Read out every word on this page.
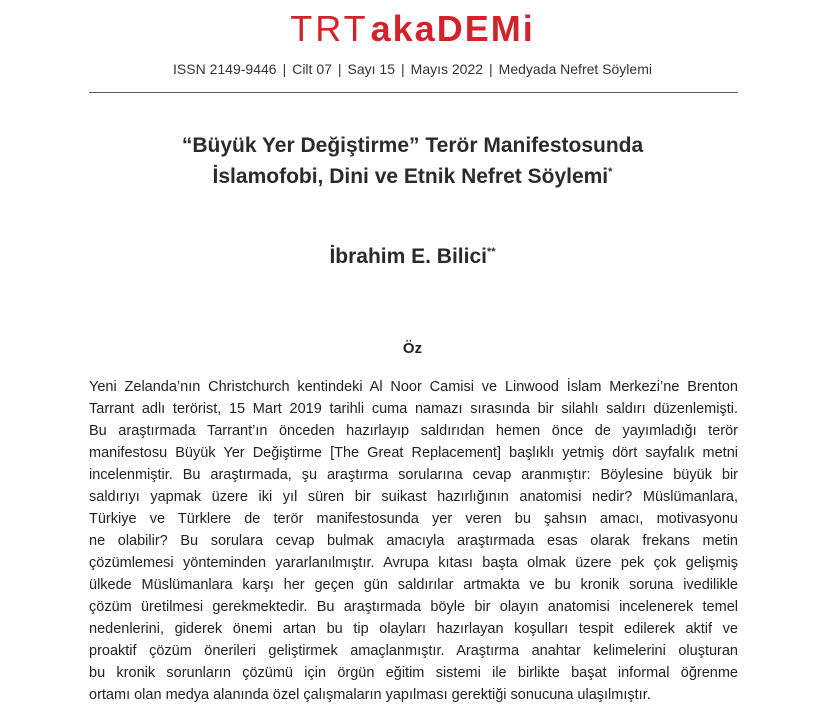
TRTakaDEMi
ISSN 2149-9446 | Cilt 07 | Sayı 15 | Mayıs 2022 | Medyada Nefret Söylemi
“Büyük Yer Değiştirme” Terör Manifestosunda
İslamofobi, Dini ve Etnik Nefret Söylemi*
İbrahim E. Bilici**
Öz
Yeni Zelanda’nın Christchurch kentindeki Al Noor Camisi ve Linwood İslam Merkezi’ne Brenton
Tarrant adlı terörist, 15 Mart 2019 tarihli cuma namazı sırasında bir silahlı saldırı düzenlemişti.
Bu araştırmada Tarrant’ın önceden hazırlayıp saldırıdan hemen önce de yayımladığı terör
manifestosu Büyük Yer Değiştirme [The Great Replacement] başlıklı yetmiş dört sayfalık metni
incelenmiştir. Bu araştırmada, şu araştırma sorularına cevap aranmıştır: Böylesine büyük bir
saldırıyı yapmak üzere iki yıl süren bir suikast hazırlığının anatomisi nedir? Müslümanlara,
Türkiye ve Türklere de terör manifestosunda yer veren bu şahsın amacı, motivasyonu
ne olabilir? Bu sorulara cevap bulmak amacıyla araştırmada esas olarak frekans metin
çözümlemesi yönteminden yararlanılmıştır. Avrupa kıtası başta olmak üzere pek çok gelişmiş
ülkede Müslümanlara karşı her geçen gün saldırılar artmakta ve bu kronik soruna ivedilikle
çözüm üretilmesi gerekmektedir. Bu araştırmada böyle bir olayın anatomisi incelenerek temel
nedenlerini, giderek önemi artan bu tip olayları hazırlayan koşulları tespit edilerek aktif ve
proaktif çözüm önerileri geliştirmek amaçlanmıştır. Araştırma anahtar kelimelerini oluşturan
bu kronik sorunların çözümü için örgün eğitim sistemi ile birlikte başat informal öğrenme
ortamı olan medya alanında özel çalışmaların yapılması gerektiği sonucuna ulaşılmıştır.
